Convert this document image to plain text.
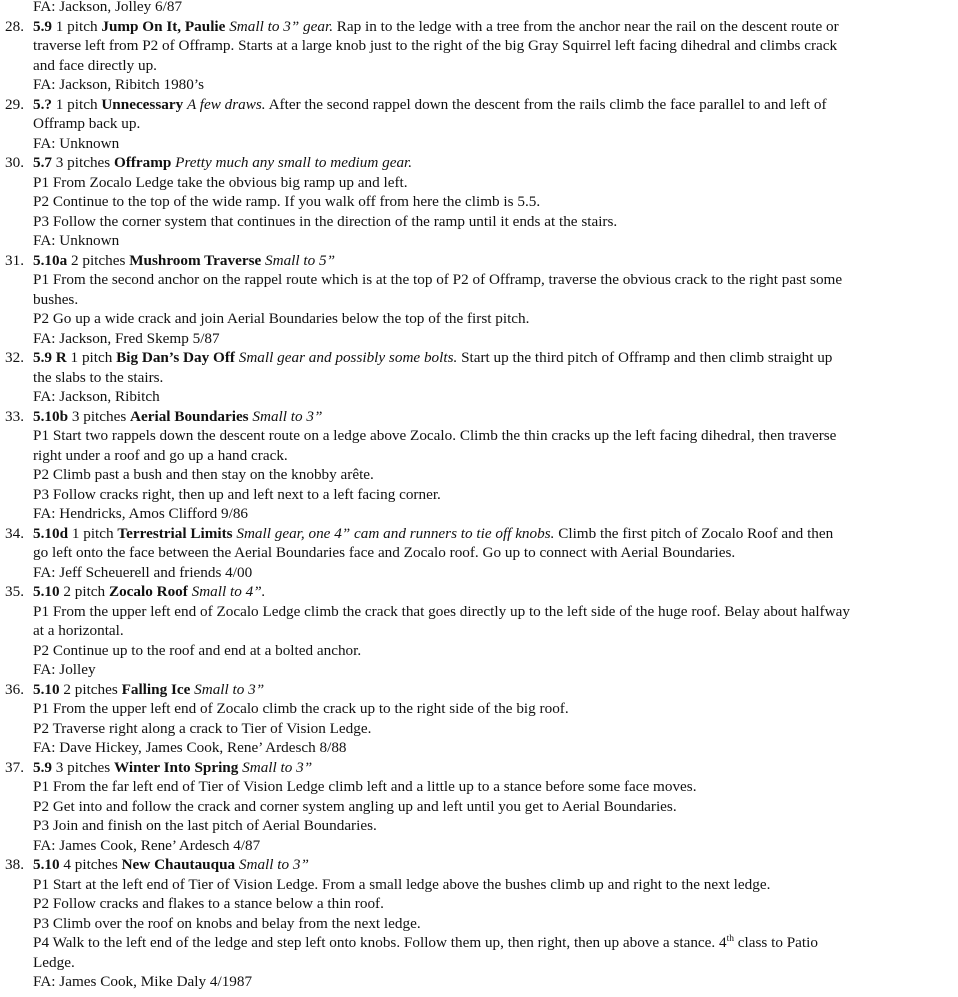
FA: Jackson, Jolley 6/87
28. 5.9 1 pitch Jump On It, Paulie Small to 3” gear. Rap in to the ledge with a tree from the anchor near the rail on the descent route or
traverse left from P2 of Offramp. Starts at a large knob just to the right of the big Gray Squirrel left facing dihedral and climbs crack
and face directly up.
FA: Jackson, Ribitch 1980’s
29. 5.? 1 pitch Unnecessary A few draws. After the second rappel down the descent from the rails climb the face parallel to and left of
Offramp back up.
FA: Unknown
30. 5.7 3 pitches Offramp Pretty much any small to medium gear.
P1 From Zocalo Ledge take the obvious big ramp up and left.
P2 Continue to the top of the wide ramp. If you walk off from here the climb is 5.5.
P3 Follow the corner system that continues in the direction of the ramp until it ends at the stairs.
FA: Unknown
31. 5.10a 2 pitches Mushroom Traverse Small to 5”
P1 From the second anchor on the rappel route which is at the top of P2 of Offramp, traverse the obvious crack to the right past some
bushes.
P2 Go up a wide crack and join Aerial Boundaries below the top of the first pitch.
FA: Jackson, Fred Skemp 5/87
32. 5.9 R 1 pitch Big Dan’s Day Off Small gear and possibly some bolts. Start up the third pitch of Offramp and then climb straight up
the slabs to the stairs.
FA: Jackson, Ribitch
33. 5.10b 3 pitches Aerial Boundaries Small to 3”
P1 Start two rappels down the descent route on a ledge above Zocalo. Climb the thin cracks up the left facing dihedral, then traverse
right under a roof and go up a hand crack.
P2 Climb past a bush and then stay on the knobby arête.
P3 Follow cracks right, then up and left next to a left facing corner.
FA: Hendricks, Amos Clifford 9/86
34. 5.10d 1 pitch Terrestrial Limits Small gear, one 4” cam and runners to tie off knobs. Climb the first pitch of Zocalo Roof and then
go left onto the face between the Aerial Boundaries face and Zocalo roof. Go up to connect with Aerial Boundaries.
FA: Jeff Scheuerell and friends 4/00
35. 5.10 2 pitch Zocalo Roof Small to 4”.
P1 From the upper left end of Zocalo Ledge climb the crack that goes directly up to the left side of the huge roof. Belay about halfway
at a horizontal.
P2 Continue up to the roof and end at a bolted anchor.
FA: Jolley
36. 5.10 2 pitches Falling Ice Small to 3”
P1 From the upper left end of Zocalo climb the crack up to the right side of the big roof.
P2 Traverse right along a crack to Tier of Vision Ledge.
FA: Dave Hickey, James Cook, Rene’ Ardesch 8/88
37. 5.9 3 pitches Winter Into Spring Small to 3”
P1 From the far left end of Tier of Vision Ledge climb left and a little up to a stance before some face moves.
P2 Get into and follow the crack and corner system angling up and left until you get to Aerial Boundaries.
P3 Join and finish on the last pitch of Aerial Boundaries.
FA: James Cook, Rene’ Ardesch 4/87
38. 5.10 4 pitches New Chautauqua Small to 3”
P1 Start at the left end of Tier of Vision Ledge. From a small ledge above the bushes climb up and right to the next ledge.
P2 Follow cracks and flakes to a stance below a thin roof.
P3 Climb over the roof on knobs and belay from the next ledge.
P4 Walk to the left end of the ledge and step left onto knobs. Follow them up, then right, then up above a stance. 4th class to Patio
Ledge.
FA: James Cook, Mike Daly 4/1987
